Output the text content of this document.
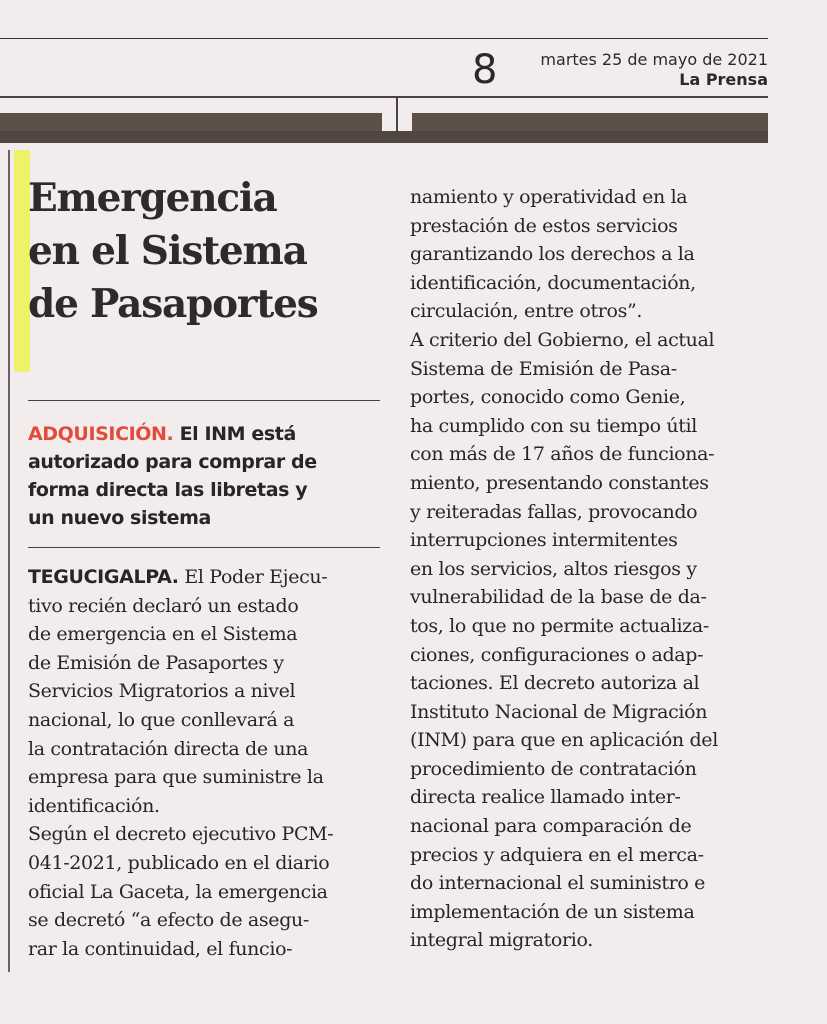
8	martes 25 de mayo de 2021
La Prensa
Emergencia
en el Sistema
de Pasaportes

ADQUISICIÓN. El INM está
autorizado para comprar de
forma directa las libretas y
un nuevo sistema

TEGUCIGALPA. El Poder Ejecu-
tivo recién declaró un estado
de emergencia en el Sistema
de Emisión de Pasaportes y
Servicios Migratorios a nivel
nacional, lo que conllevará a
la contratación directa de una
empresa para que suministre la
identificación.
Según el decreto ejecutivo PCM-
041-2021, publicado en el diario
oficial La Gaceta, la emergencia
se decretó “a efecto de asegu-
rar la continuidad, el funcio-
namiento y operatividad en la
prestación de estos servicios
garantizando los derechos a la
identificación, documentación,
circulación, entre otros”.
A criterio del Gobierno, el actual
Sistema de Emisión de Pasa-
portes, conocido como Genie,
ha cumplido con su tiempo útil
con más de 17 años de funciona-
miento, presentando constantes
y reiteradas fallas, provocando
interrupciones intermitentes
en los servicios, altos riesgos y
vulnerabilidad de la base de da-
tos, lo que no permite actualiza-
ciones, configuraciones o adap-
taciones. El decreto autoriza al
Instituto Nacional de Migración
(INM) para que en aplicación del
procedimiento de contratación
directa realice llamado inter-
nacional para comparación de
precios y adquiera en el merca-
do internacional el suministro e
implementación de un sistema
integral migratorio.
